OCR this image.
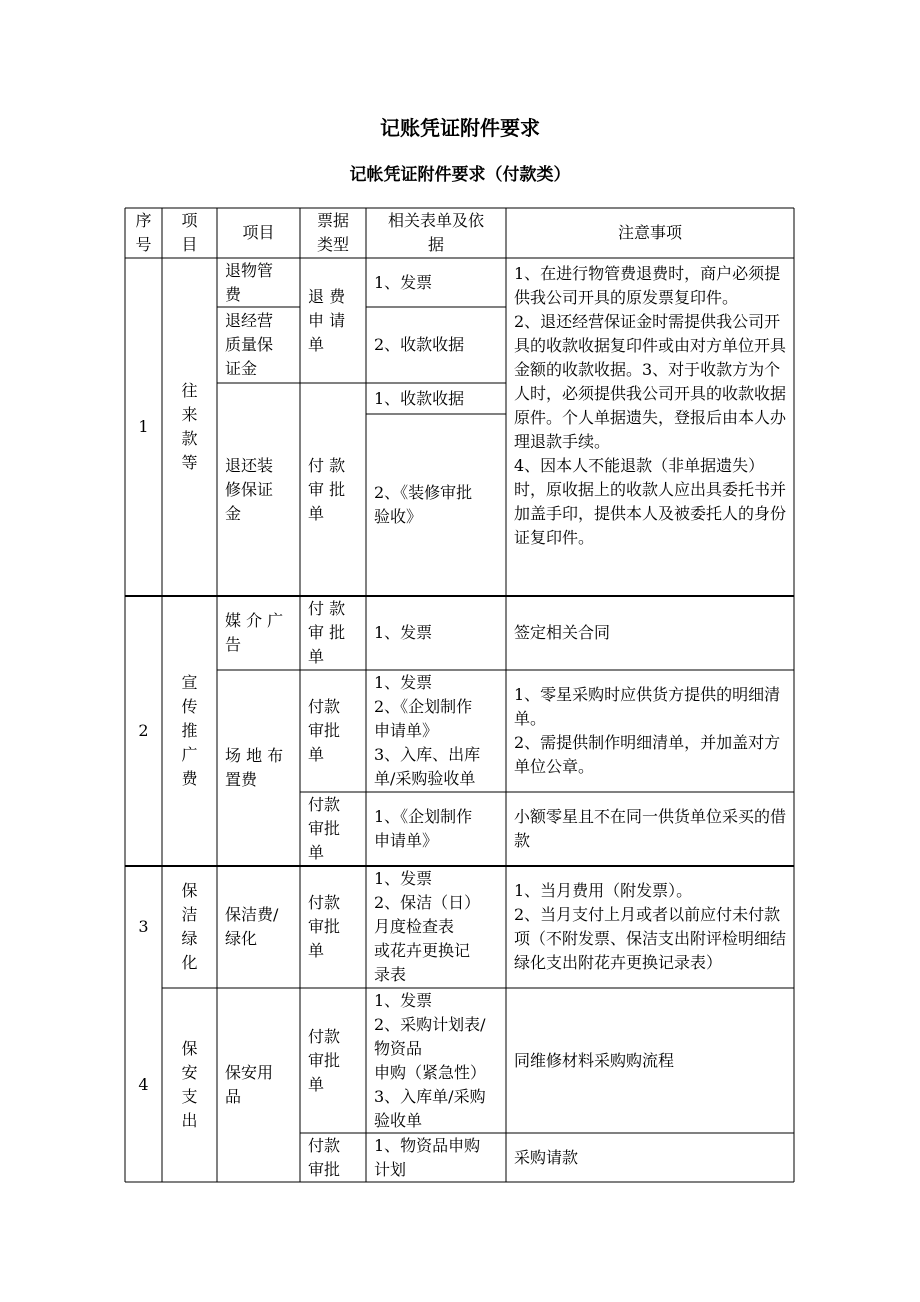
记账凭证附件要求
记帐凭证附件要求（付款类）
序
号
项
目
项目
票据
类型
相关表单及依
据
注意事项
1
往
来
款
等
退物管
费
退经营
质量保
证金
退还装
修保证
金
退 费
申 请
单
付 款
审 批
单
1、发票
2、收款收据
1、收款收据
2、《装修审批
验收》
1、在进行物管费退费时，商户必须提供我公司开具的原发票复印件。
2、退还经营保证金时需提供我公司开具的收款收据复印件或由对方单位开具金额的收款收据。3、对于收款方为个人时，必须提供我公司开具的收款收据原件。个人单据遗失，登报后由本人办理退款手续。
4、因本人不能退款（非单据遗失）时，原收据上的收款人应出具委托书并加盖手印，提供本人及被委托人的身份证复印件。
2
宣
传
推
广
费
媒 介 广
告
场 地 布
置费
付 款
审 批
单
付款
审批
单
付款
审批
单
1、发票
1、发票
2、《企划制作
申请单》
3、入库、出库
单/采购验收单
1、《企划制作
申请单》
签定相关合同
1、零星采购时应供货方提供的明细清单。
2、需提供制作明细清单，并加盖对方单位公章。
小额零星且不在同一供货单位采买的借款
3
4
保
洁
绿
化
保洁费/
绿化
付款
审批
单
1、发票
2、保洁（日）
月度检查表
或花卉更换记
录表
1、当月费用（附发票）。
2、当月支付上月或者以前应付未付款项（不附发票、保洁支出附评检明细结绿化支出附花卉更换记录表）
保
安
支
出
保安用
品
付款
审批
单
付款
审批
1、发票
2、采购计划表/
物资品
申购（紧急性）
3、入库单/采购
验收单
1、物资品申购
计划
同维修材料采购购流程
采购请款
